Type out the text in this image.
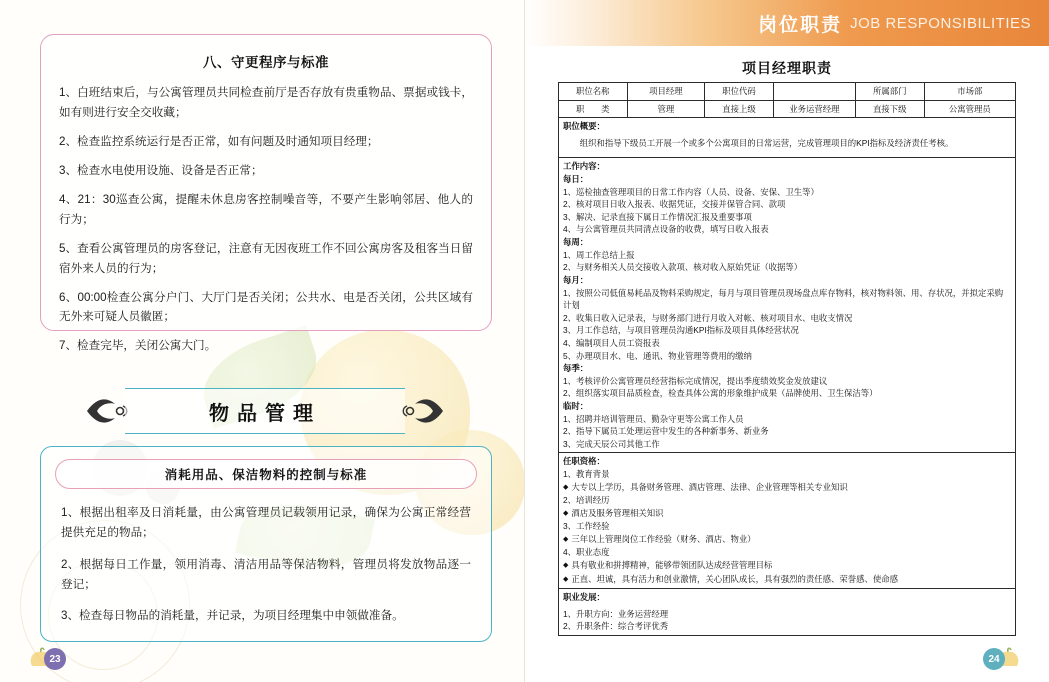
八、守更程序与标准

1、白班结束后，与公寓管理员共同检查前厅是否存放有贵重物品、票据或钱卡，如有则进行安全交收藏；

2、检查监控系统运行是否正常，如有问题及时通知项目经理；

3、检查水电使用设施、设备是否正常；

4、21：30巡查公寓，提醒未休息房客控制噪音等，不要产生影响邻居、他人的行为；

5、查看公寓管理员的房客登记，注意有无因夜班工作不回公寓房客及租客当日留宿外来人员的行为；

6、00:00检查公寓分户门、大厅门是否关闭；公共水、电是否关闭，公共区域有无外来可疑人员徽匿；

7、检查完毕，关闭公寓大门。

物品管理
消耗用品、保洁物料的控制与标准

1、根据出租率及日消耗量，由公寓管理员记载领用记录，确保为公寓正常经营提供充足的物品；

2、根据每日工作量，领用消毒、清洁用品等保洁物料，管理员将发放物品逐一登记；

3、检查每日物品的消耗量，并记录，为项目经理集中申领做准备。

23
岗位职责 JOB RESPONSIBILITIES
项目经理职责
职位名称	项目经理	职位代码		所属部门	市场部
职　　类	管理	直接上级	业务运营经理	直接下级	公寓管理员

职位概要：
组织和指导下级员工开展一个或多个公寓项目的日常运营，完成管理项目的KPI指标及经济责任考核。					

工作内容：
每日：
1、巡检抽查管理项目的日常工作内容（人员、设备、安保、卫生等）
2、核对项目日收入报表、收据凭证，交接并保管合同、款项
3、解决、记录直接下属日工作情况汇报及重要事项
4、与公寓管理员共同清点设备的收费，填写日收入报表
每周：
1、周工作总结上报
2、与财务相关人员交接收入款项、核对收入原始凭证（收据等）
每月：
1、按照公司低值易耗品及物料采购规定，每月与项目管理员现场盘点库存物料，核对物料领、用、存状况，并拟定采购计划
2、收集日收入记录表，与财务部门进行月收入对帐、核对项目水、电收支情况
3、月工作总结，与项目管理员沟通KPI指标及项目具体经营状况
4、编制项目人员工资报表
5、办理项目水、电、通讯、物业管理等费用的缴纳
每季：
1、考核评价公寓管理员经营指标完成情况，提出季度绩效奖金发放建议
2、组织落实项目品质检查，检查具体公寓的形象维护成果（品牌使用、卫生保洁等）
临时：
1、招聘并培训管理员、勤杂守更等公寓工作人员
2、指导下属员工处理运营中发生的各种新事务、新业务
3、完成天辰公司其他工作

任职资格：
1、教育背景
◆ 大专以上学历，具备财务管理、酒店管理、法律、企业管理等相关专业知识
2、培训经历
◆ 酒店及服务管理相关知识
3、工作经验
◆ 三年以上管理岗位工作经验（财务、酒店、物业）
4、职业态度
◆ 具有敬业和拼搏精神，能够带领团队达成经营管理目标
◆ 正直、坦诚，具有活力和创业激情，关心团队成长，具有强烈的责任感、荣誉感、使命感

职业发展：
1、升职方向：业务运营经理
2、升职条件：综合考评优秀					
24
